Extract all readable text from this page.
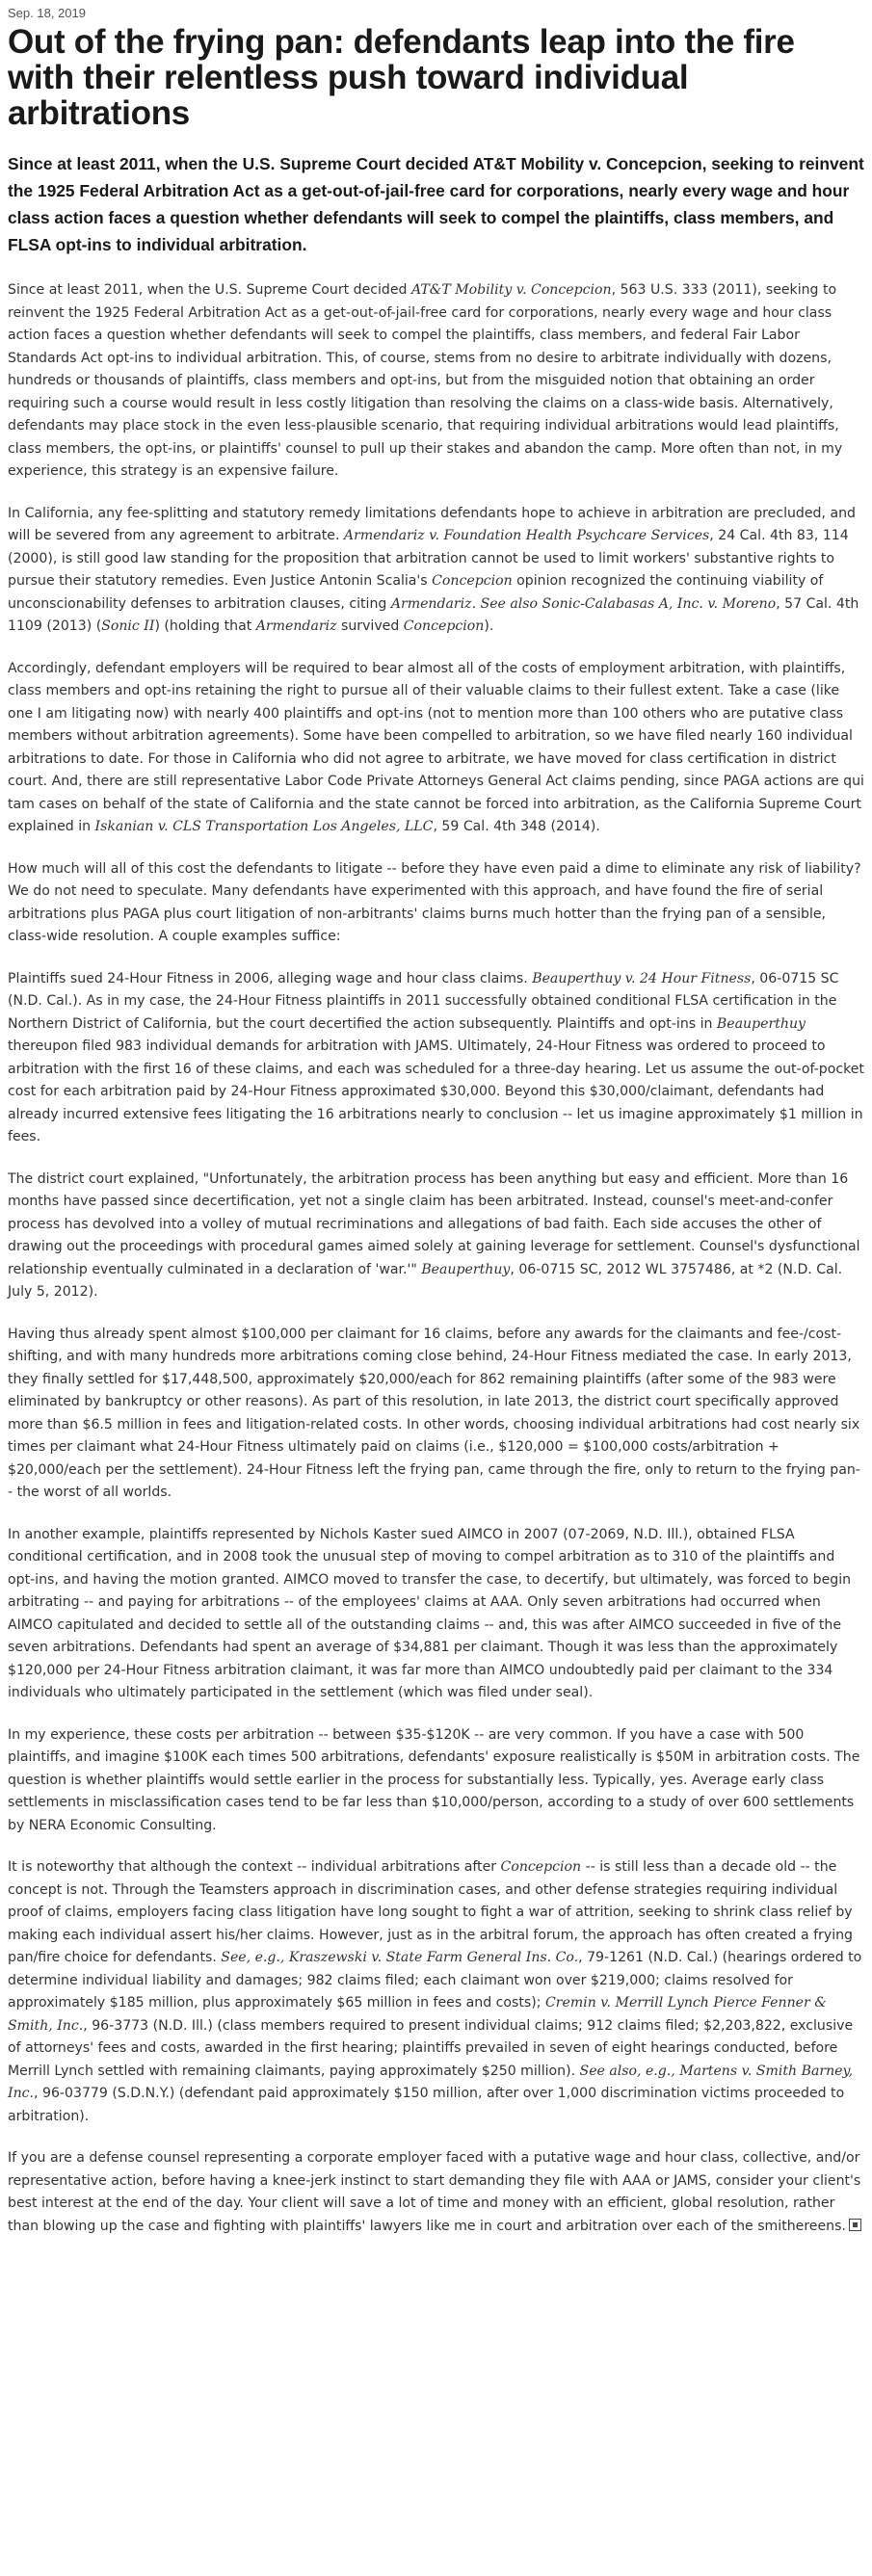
Sep. 18, 2019
Out of the frying pan: defendants leap into the fire with their relentless push toward individual arbitrations
Since at least 2011, when the U.S. Supreme Court decided AT&T Mobility v. Concepcion, seeking to reinvent the 1925 Federal Arbitration Act as a get-out-of-jail-free card for corporations, nearly every wage and hour class action faces a question whether defendants will seek to compel the plaintiffs, class members, and FLSA opt-ins to individual arbitration.

Since at least 2011, when the U.S. Supreme Court decided AT&T Mobility v. Concepcion, 563 U.S. 333 (2011), seeking to reinvent the 1925 Federal Arbitration Act as a get-out-of-jail-free card for corporations, nearly every wage and hour class action faces a question whether defendants will seek to compel the plaintiffs, class members, and federal Fair Labor Standards Act opt-ins to individual arbitration. This, of course, stems from no desire to arbitrate individually with dozens, hundreds or thousands of plaintiffs, class members and opt-ins, but from the misguided notion that obtaining an order requiring such a course would result in less costly litigation than resolving the claims on a class-wide basis. Alternatively, defendants may place stock in the even less-plausible scenario, that requiring individual arbitrations would lead plaintiffs, class members, the opt-ins, or plaintiffs' counsel to pull up their stakes and abandon the camp. More often than not, in my experience, this strategy is an expensive failure.

In California, any fee-splitting and statutory remedy limitations defendants hope to achieve in arbitration are precluded, and will be severed from any agreement to arbitrate. Armendariz v. Foundation Health Psychcare Services, 24 Cal. 4th 83, 114 (2000), is still good law standing for the proposition that arbitration cannot be used to limit workers' substantive rights to pursue their statutory remedies. Even Justice Antonin Scalia's Concepcion opinion recognized the continuing viability of unconscionability defenses to arbitration clauses, citing Armendariz. See also Sonic-Calabasas A, Inc. v. Moreno, 57 Cal. 4th 1109 (2013) (Sonic II) (holding that Armendariz survived Concepcion).

Accordingly, defendant employers will be required to bear almost all of the costs of employment arbitration, with plaintiffs, class members and opt-ins retaining the right to pursue all of their valuable claims to their fullest extent. Take a case (like one I am litigating now) with nearly 400 plaintiffs and opt-ins (not to mention more than 100 others who are putative class members without arbitration agreements). Some have been compelled to arbitration, so we have filed nearly 160 individual arbitrations to date. For those in California who did not agree to arbitrate, we have moved for class certification in district court. And, there are still representative Labor Code Private Attorneys General Act claims pending, since PAGA actions are qui tam cases on behalf of the state of California and the state cannot be forced into arbitration, as the California Supreme Court explained in Iskanian v. CLS Transportation Los Angeles, LLC, 59 Cal. 4th 348 (2014).

How much will all of this cost the defendants to litigate -- before they have even paid a dime to eliminate any risk of liability? We do not need to speculate. Many defendants have experimented with this approach, and have found the fire of serial arbitrations plus PAGA plus court litigation of non-arbitrants' claims burns much hotter than the frying pan of a sensible, class-wide resolution. A couple examples suffice:

Plaintiffs sued 24-Hour Fitness in 2006, alleging wage and hour class claims. Beauperthuy v. 24 Hour Fitness, 06-0715 SC (N.D. Cal.). As in my case, the 24-Hour Fitness plaintiffs in 2011 successfully obtained conditional FLSA certification in the Northern District of California, but the court decertified the action subsequently. Plaintiffs and opt-ins in Beauperthuy thereupon filed 983 individual demands for arbitration with JAMS. Ultimately, 24-Hour Fitness was ordered to proceed to arbitration with the first 16 of these claims, and each was scheduled for a three-day hearing. Let us assume the out-of-pocket cost for each arbitration paid by 24-Hour Fitness approximated $30,000. Beyond this $30,000/claimant, defendants had already incurred extensive fees litigating the 16 arbitrations nearly to conclusion -- let us imagine approximately $1 million in fees.

The district court explained, "Unfortunately, the arbitration process has been anything but easy and efficient. More than 16 months have passed since decertification, yet not a single claim has been arbitrated. Instead, counsel's meet-and-confer process has devolved into a volley of mutual recriminations and allegations of bad faith. Each side accuses the other of drawing out the proceedings with procedural games aimed solely at gaining leverage for settlement. Counsel's dysfunctional relationship eventually culminated in a declaration of 'war.'" Beauperthuy, 06-0715 SC, 2012 WL 3757486, at *2 (N.D. Cal. July 5, 2012).

Having thus already spent almost $100,000 per claimant for 16 claims, before any awards for the claimants and fee-/cost-shifting, and with many hundreds more arbitrations coming close behind, 24-Hour Fitness mediated the case. In early 2013, they finally settled for $17,448,500, approximately $20,000/each for 862 remaining plaintiffs (after some of the 983 were eliminated by bankruptcy or other reasons). As part of this resolution, in late 2013, the district court specifically approved more than $6.5 million in fees and litigation-related costs. In other words, choosing individual arbitrations had cost nearly six times per claimant what 24-Hour Fitness ultimately paid on claims (i.e., $120,000 = $100,000 costs/arbitration + $20,000/each per the settlement). 24-Hour Fitness left the frying pan, came through the fire, only to return to the frying pan-- the worst of all worlds.

In another example, plaintiffs represented by Nichols Kaster sued AIMCO in 2007 (07-2069, N.D. Ill.), obtained FLSA conditional certification, and in 2008 took the unusual step of moving to compel arbitration as to 310 of the plaintiffs and opt-ins, and having the motion granted. AIMCO moved to transfer the case, to decertify, but ultimately, was forced to begin arbitrating -- and paying for arbitrations -- of the employees' claims at AAA. Only seven arbitrations had occurred when AIMCO capitulated and decided to settle all of the outstanding claims -- and, this was after AIMCO succeeded in five of the seven arbitrations. Defendants had spent an average of $34,881 per claimant. Though it was less than the approximately $120,000 per 24-Hour Fitness arbitration claimant, it was far more than AIMCO undoubtedly paid per claimant to the 334 individuals who ultimately participated in the settlement (which was filed under seal).

In my experience, these costs per arbitration -- between $35-$120K -- are very common. If you have a case with 500 plaintiffs, and imagine $100K each times 500 arbitrations, defendants' exposure realistically is $50M in arbitration costs. The question is whether plaintiffs would settle earlier in the process for substantially less. Typically, yes. Average early class settlements in misclassification cases tend to be far less than $10,000/person, according to a study of over 600 settlements by NERA Economic Consulting.

It is noteworthy that although the context -- individual arbitrations after Concepcion -- is still less than a decade old -- the concept is not. Through the Teamsters approach in discrimination cases, and other defense strategies requiring individual proof of claims, employers facing class litigation have long sought to fight a war of attrition, seeking to shrink class relief by making each individual assert his/her claims. However, just as in the arbitral forum, the approach has often created a frying pan/fire choice for defendants. See, e.g., Kraszewski v. State Farm General Ins. Co., 79-1261 (N.D. Cal.) (hearings ordered to determine individual liability and damages; 982 claims filed; each claimant won over $219,000; claims resolved for approximately $185 million, plus approximately $65 million in fees and costs); Cremin v. Merrill Lynch Pierce Fenner & Smith, Inc., 96-3773 (N.D. Ill.) (class members required to present individual claims; 912 claims filed; $2,203,822, exclusive of attorneys' fees and costs, awarded in the first hearing; plaintiffs prevailed in seven of eight hearings conducted, before Merrill Lynch settled with remaining claimants, paying approximately $250 million). See also, e.g., Martens v. Smith Barney, Inc., 96-03779 (S.D.N.Y.) (defendant paid approximately $150 million, after over 1,000 discrimination victims proceeded to arbitration).

If you are a defense counsel representing a corporate employer faced with a putative wage and hour class, collective, and/or representative action, before having a knee-jerk instinct to start demanding they file with AAA or JAMS, consider your client's best interest at the end of the day. Your client will save a lot of time and money with an efficient, global resolution, rather than blowing up the case and fighting with plaintiffs' lawyers like me in court and arbitration over each of the smithereens.
